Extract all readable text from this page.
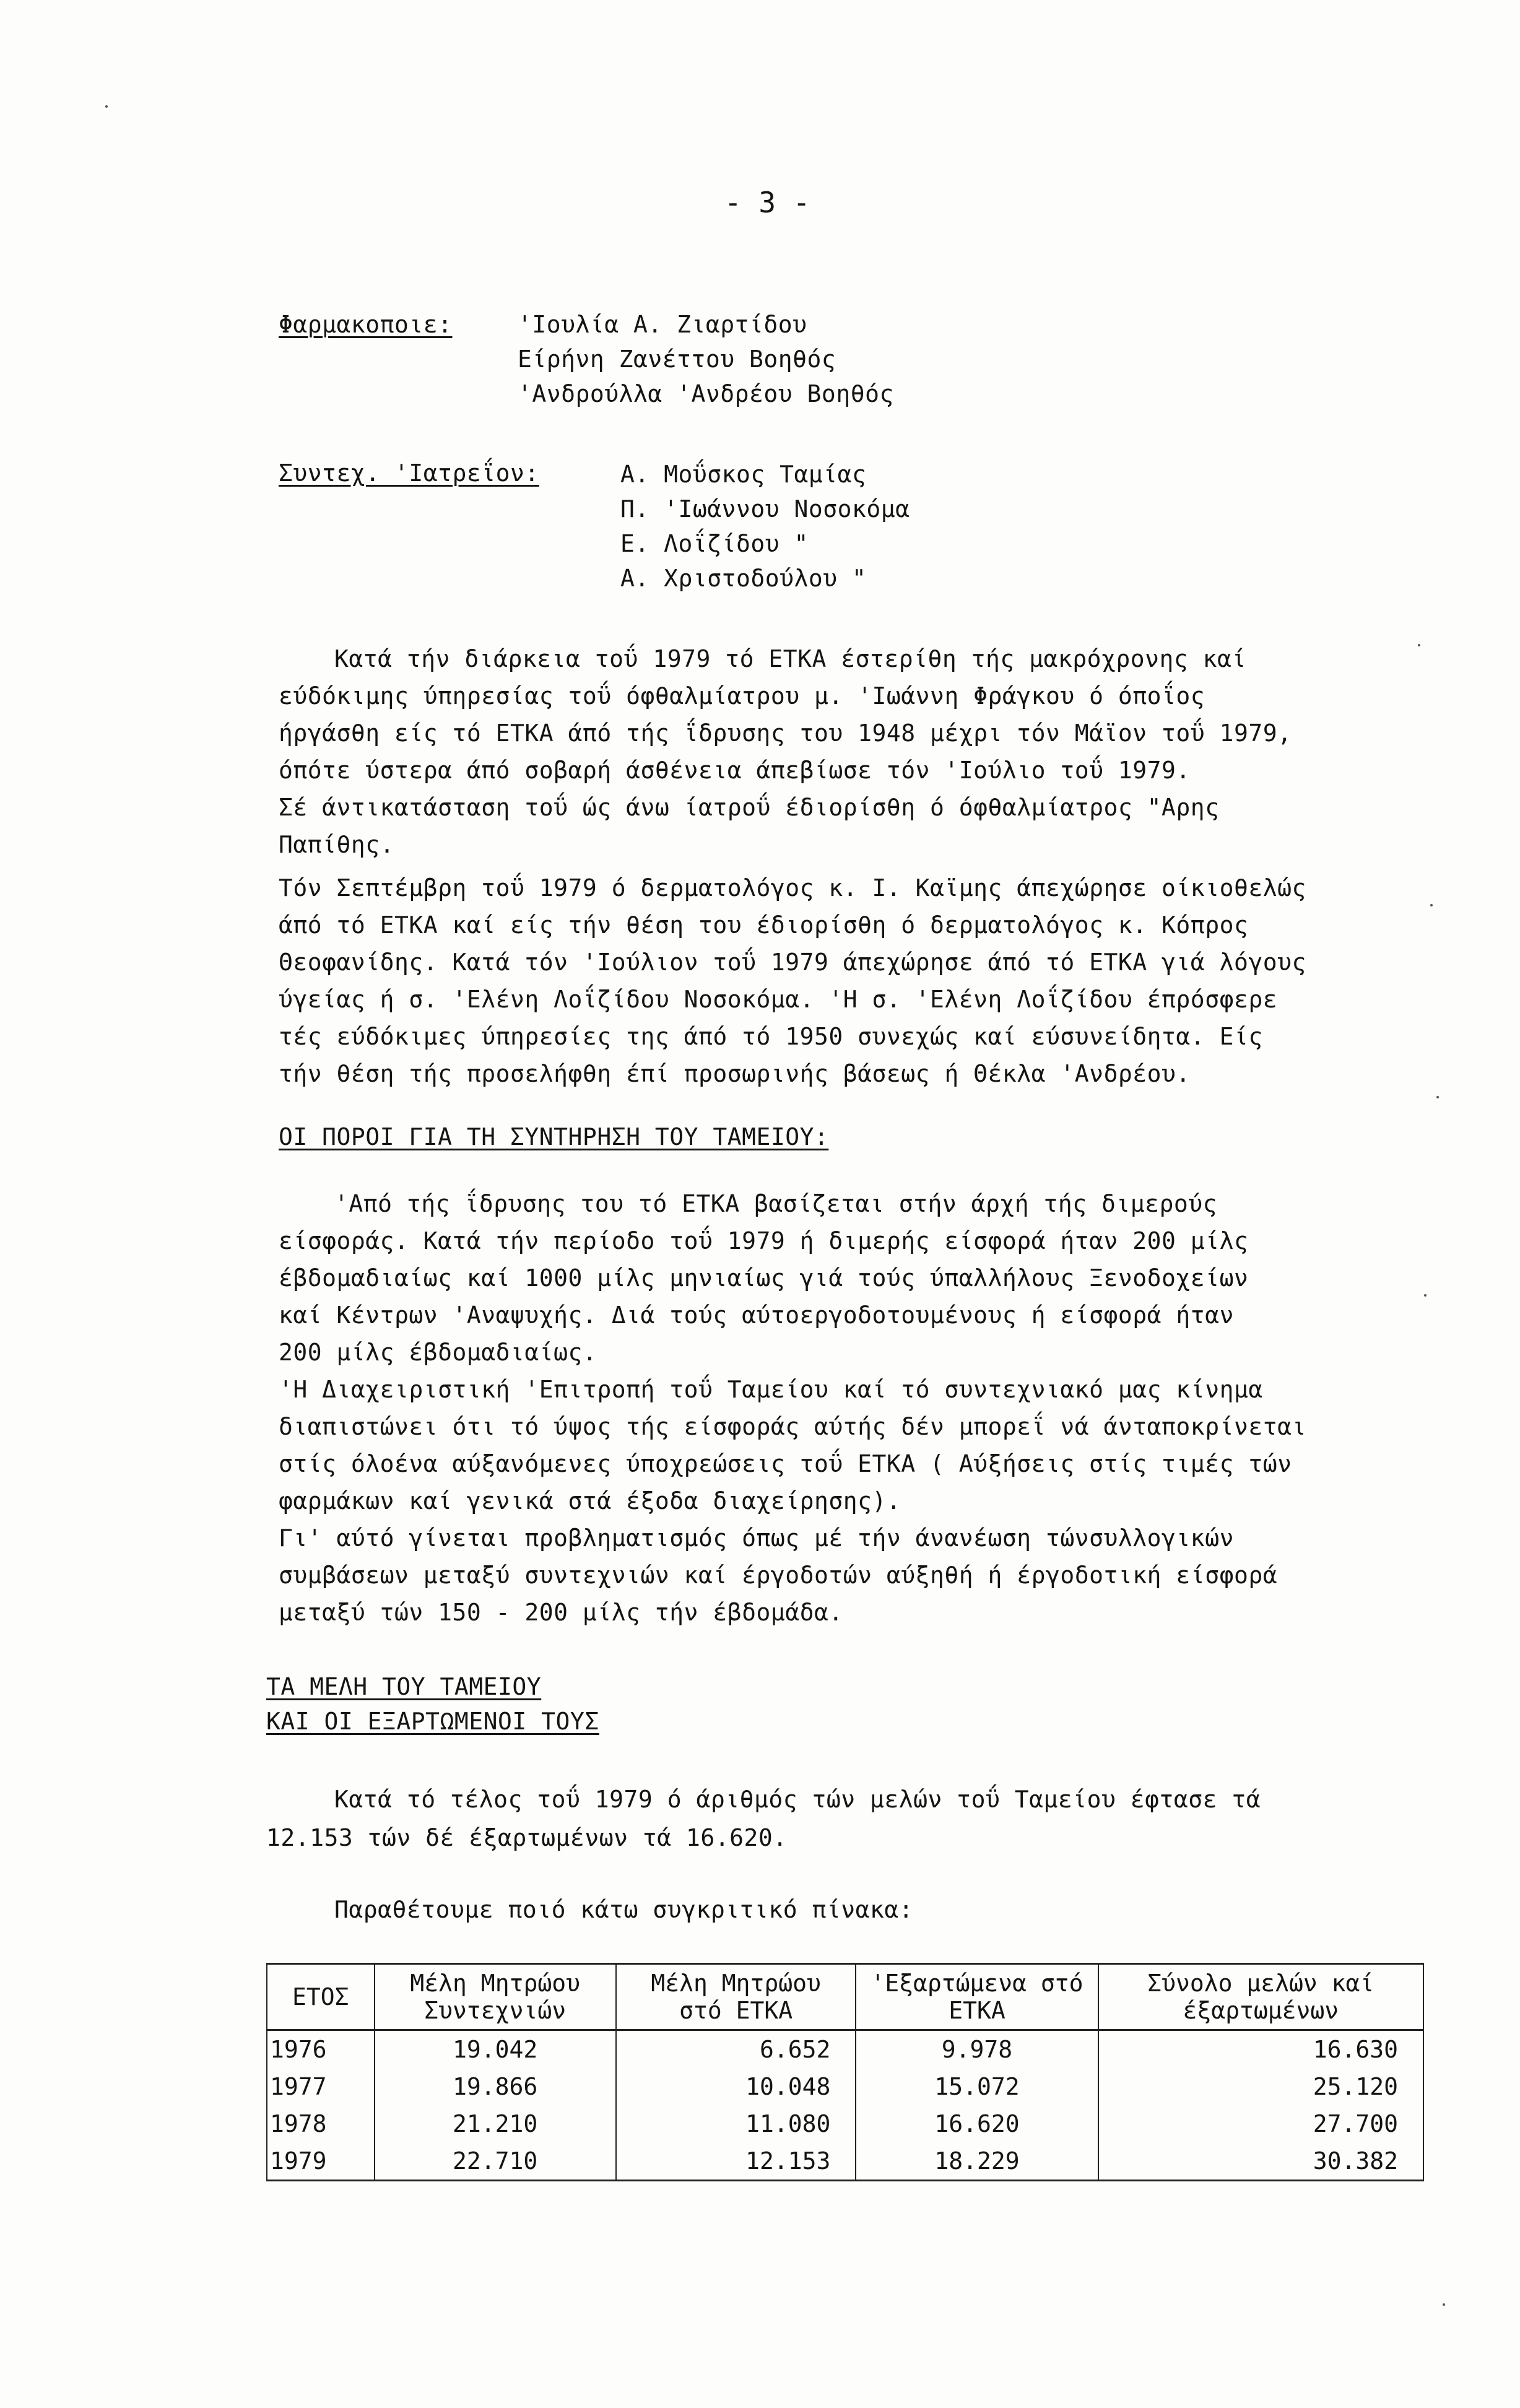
- 3 -
Φαρμακοποιε:	'Ιουλία Α. Ζιαρτίδου
Είρήνη Ζανέττου Βοηθός
'Ανδρούλλα 'Ανδρέου Βοηθός
Συντεχ. 'Ιατρεΐον:	Α. Μοΰσκος Ταμίας
Π. 'Ιωάννου Νοσοκόμα
Ε. Λοΐζίδου "
Α. Χριστοδούλου "
Κατά τήν διάρκεια τοΰ 1979 τό ΕΤΚΑ έστερίθη τής μακρόχρονης καί
εύδόκιμης ύπηρεσίας τοΰ όφθαλμίατρου μ. 'Ιωάννη Φράγκου ό όποΐος
ήργάσθη είς τό ΕΤΚΑ άπό τής ΐδρυσης του 1948 μέχρι τόν Μάϊον τοΰ 1979,
όπότε ύστερα άπό σοβαρή άσθένεια άπεβίωσε τόν 'Ιούλιο τοΰ 1979.
Σέ άντικατάσταση τοΰ ώς άνω ίατροΰ έδιορίσθη ό όφθαλμίατρος "Αρης
Παπίθης.
Τόν Σεπτέμβρη τοΰ 1979 ό δερματολόγος κ. Ι. Καϊμης άπεχώρησε οίκιοθελώς
άπό τό ΕΤΚΑ καί είς τήν θέση του έδιορίσθη ό δερματολόγος κ. Κόπρος
Θεοφανίδης. Κατά τόν 'Ιούλιον τοΰ 1979 άπεχώρησε άπό τό ΕΤΚΑ γιά λόγους
ύγείας ή σ. 'Ελένη Λοΐζίδου Νοσοκόμα. 'Η σ. 'Ελένη Λοΐζίδου έπρόσφερε
τές εύδόκιμες ύπηρεσίες της άπό τό 1950 συνεχώς καί εύσυνείδητα. Είς
τήν θέση τής προσελήφθη έπί προσωρινής βάσεως ή Θέκλα 'Ανδρέου.
ΟΙ ΠΟΡΟΙ ΓΙΑ ΤΗ ΣΥΝΤΗΡΗΣΗ ΤΟΥ ΤΑΜΕΙΟΥ:
'Από τής ΐδρυσης του τό ΕΤΚΑ βασίζεται στήν άρχή τής διμερούς
είσφοράς. Κατά τήν περίοδο τοΰ 1979 ή διμερής είσφορά ήταν 200 μίλς
έβδομαδιαίως καί 1000 μίλς μηνιαίως γιά τούς ύπαλλήλους Ξενοδοχείων
καί Κέντρων 'Αναψυχής. Διά τούς αύτοεργοδοτουμένους ή είσφορά ήταν
200 μίλς έβδομαδιαίως.
'Η Διαχειριστική 'Επιτροπή τοΰ Ταμείου καί τό συντεχνιακό μας κίνημα
διαπιστώνει ότι τό ύψος τής είσφοράς αύτής δέν μπορεΐ νά άνταποκρίνεται
στίς όλοένα αύξανόμενες ύποχρεώσεις τοΰ ΕΤΚΑ ( Αύξήσεις στίς τιμές τών
φαρμάκων καί γενικά στά έξοδα διαχείρησης).
Γι' αύτό γίνεται προβληματισμός όπως μέ τήν άνανέωση τώνσυλλογικών
συμβάσεων μεταξύ συντεχνιών καί έργοδοτών αύξηθή ή έργοδοτική είσφορά
μεταξύ τών 150 - 200 μίλς τήν έβδομάδα.
ΤΑ ΜΕΛΗ ΤΟΥ ΤΑΜΕΙΟΥ
ΚΑΙ ΟΙ ΕΞΑΡΤΩΜΕΝΟΙ ΤΟΥΣ
Κατά τό τέλος τοΰ 1979 ό άριθμός τών μελών τοΰ Ταμείου έφτασε τά
12.153 τών δέ έξαρτωμένων τά 16.620.
Παραθέτουμε ποιό κάτω συγκριτικό πίνακα:
ΕΤΟΣ	Μέλη Μητρώου Συντεχνιών	Μέλη Μητρώου στό ΕΤΚΑ	'Εξαρτώμενα στό ΕΤΚΑ	Σύνολο μελών καί έξαρτωμένων
1976	19.042	6.652	9.978	16.630
1977	19.866	10.048	15.072	25.120
1978	21.210	11.080	16.620	27.700
1979	22.710	12.153	18.229	30.382
